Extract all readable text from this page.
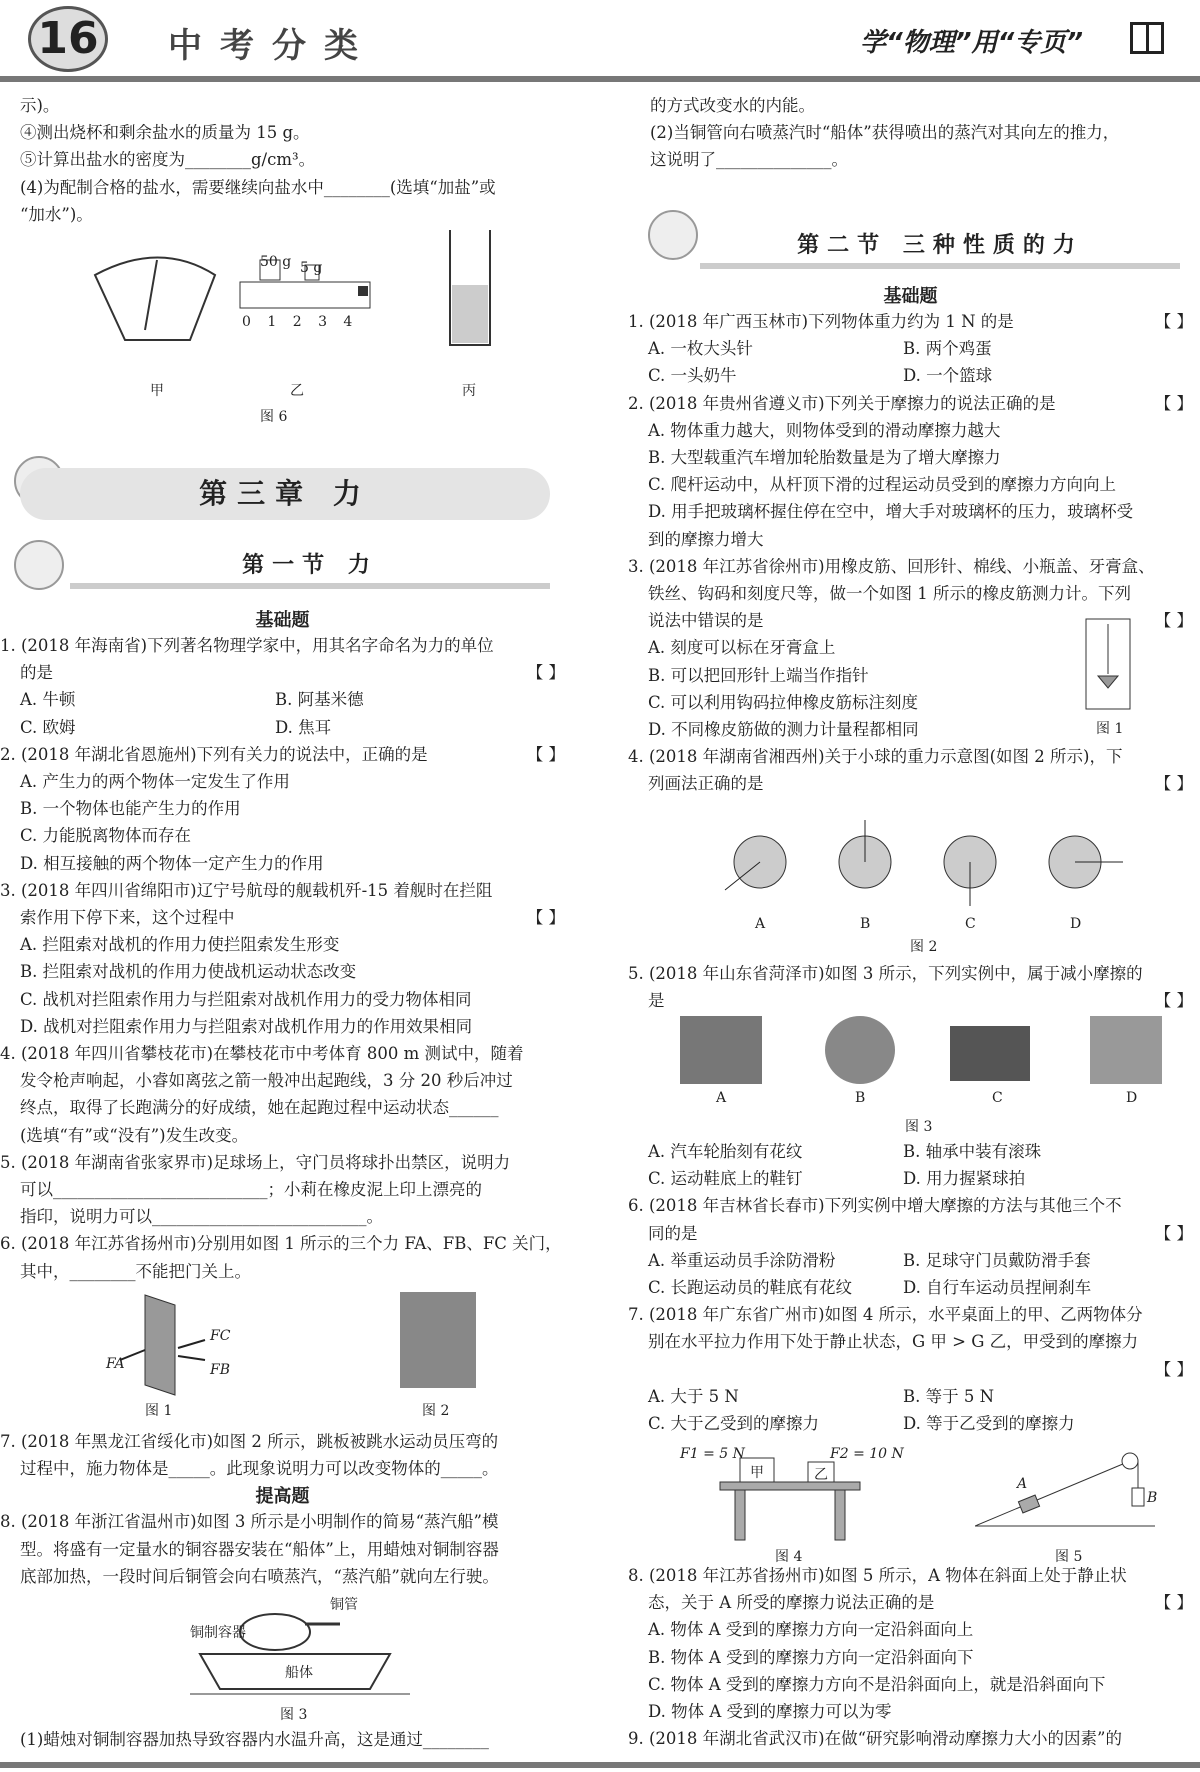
16 中考分类	学“物理”用“专页”

示)。

④测出烧杯和剩余盐水的质量为 15 g。

⑤计算出盐水的密度为________g/cm³。

(4)为配制合格的盐水，需要继续向盐水中________(选填“加盐”或

“加水”)。

50 g 5 g
0 1 2 3 4
甲	乙	丙
图 6
第三章 力
第一节 力
基础题

1. (2018 年海南省)下列著名物理学家中，用其名字命名为力的单位

的是	【 】

A. 牛顿	B. 阿基米德

C. 欧姆	D. 焦耳

2. (2018 年湖北省恩施州)下列有关力的说法中，正确的是	【 】

A. 产生力的两个物体一定发生了作用

B. 一个物体也能产生力的作用

C. 力能脱离物体而存在

D. 相互接触的两个物体一定产生力的作用

3. (2018 年四川省绵阳市)辽宁号航母的舰载机歼-15 着舰时在拦阻

索作用下停下来，这个过程中	【 】

A. 拦阻索对战机的作用力使拦阻索发生形变

B. 拦阻索对战机的作用力使战机运动状态改变

C. 战机对拦阻索作用力与拦阻索对战机作用力的受力物体相同

D. 战机对拦阻索作用力与拦阻索对战机作用力的作用效果相同

4. (2018 年四川省攀枝花市)在攀枝花市中考体育 800 m 测试中，随着

发令枪声响起，小睿如离弦之箭一般冲出起跑线，3 分 20 秒后冲过

终点，取得了长跑满分的好成绩，她在起跑过程中运动状态______

(选填“有”或“没有”)发生改变。

5. (2018 年湖南省张家界市)足球场上，守门员将球扑出禁区，说明力

可以__________________________；小莉在橡皮泥上印上漂亮的

指印，说明力可以__________________________。

6. (2018 年江苏省扬州市)分别用如图 1 所示的三个力 FA、FB、FC 关门，

其中，________不能把门关上。

FA
FC
FB
图 1	图 2

7. (2018 年黑龙江省绥化市)如图 2 所示，跳板被跳水运动员压弯的

过程中，施力物体是_____。此现象说明力可以改变物体的_____。

提高题

8. (2018 年浙江省温州市)如图 3 所示是小明制作的简易“蒸汽船”模

型。将盛有一定量水的铜容器安装在“船体”上，用蜡烛对铜制容器

底部加热，一段时间后铜管会向右喷蒸汽，“蒸汽船”就向左行驶。

铜管
铜制容器
船体
图 3

(1)蜡烛对铜制容器加热导致容器内水温升高，这是通过________

的方式改变水的内能。

(2)当铜管向右喷蒸汽时“船体”获得喷出的蒸汽对其向左的推力，

这说明了______________。

第二节 三种性质的力
基础题

1. (2018 年广西玉林市)下列物体重力约为 1 N 的是	【 】

A. 一枚大头针	B. 两个鸡蛋

C. 一头奶牛	D. 一个篮球

2. (2018 年贵州省遵义市)下列关于摩擦力的说法正确的是	【 】

A. 物体重力越大，则物体受到的滑动摩擦力越大

B. 大型载重汽车增加轮胎数量是为了增大摩擦力

C. 爬杆运动中，从杆顶下滑的过程运动员受到的摩擦力方向向上

D. 用手把玻璃杯握住停在空中，增大手对玻璃杯的压力，玻璃杯受

到的摩擦力增大

3. (2018 年江苏省徐州市)用橡皮筋、回形针、棉线、小瓶盖、牙膏盒、

铁丝、钩码和刻度尺等，做一个如图 1 所示的橡皮筋测力计。下列

说法中错误的是	【 】

A. 刻度可以标在牙膏盒上

B. 可以把回形针上端当作指针

C. 可以利用钩码拉伸橡皮筋标注刻度

D. 不同橡皮筋做的测力计量程都相同

4. (2018 年湖南省湘西州)关于小球的重力示意图(如图 2 所示)，下

列画法正确的是	【 】

图 1
A	B	C	D
图 2

5. (2018 年山东省菏泽市)如图 3 所示，下列实例中，属于减小摩擦的

是	【 】

A	B	C	D
图 3

A. 汽车轮胎刻有花纹	B. 轴承中装有滚珠

C. 运动鞋底上的鞋钉	D. 用力握紧球拍

6. (2018 年吉林省长春市)下列实例中增大摩擦的方法与其他三个不

同的是	【 】

A. 举重运动员手涂防滑粉	B. 足球守门员戴防滑手套

C. 长跑运动员的鞋底有花纹	D. 自行车运动员捏闸刹车

7. (2018 年广东省广州市)如图 4 所示，水平桌面上的甲、乙两物体分

别在水平拉力作用下处于静止状态，G 甲 > G 乙，甲受到的摩擦力

【 】

A. 大于 5 N	B. 等于 5 N

C. 大于乙受到的摩擦力	D. 等于乙受到的摩擦力

F1 = 5 N	F2 = 10 N
甲	乙
图 4
A
B
图 5

8. (2018 年江苏省扬州市)如图 5 所示，A 物体在斜面上处于静止状

态，关于 A 所受的摩擦力说法正确的是	【 】

A. 物体 A 受到的摩擦力方向一定沿斜面向上

B. 物体 A 受到的摩擦力方向一定沿斜面向下

C. 物体 A 受到的摩擦力方向不是沿斜面向上，就是沿斜面向下

D. 物体 A 受到的摩擦力可以为零

9. (2018 年湖北省武汉市)在做“研究影响滑动摩擦力大小的因素”的
